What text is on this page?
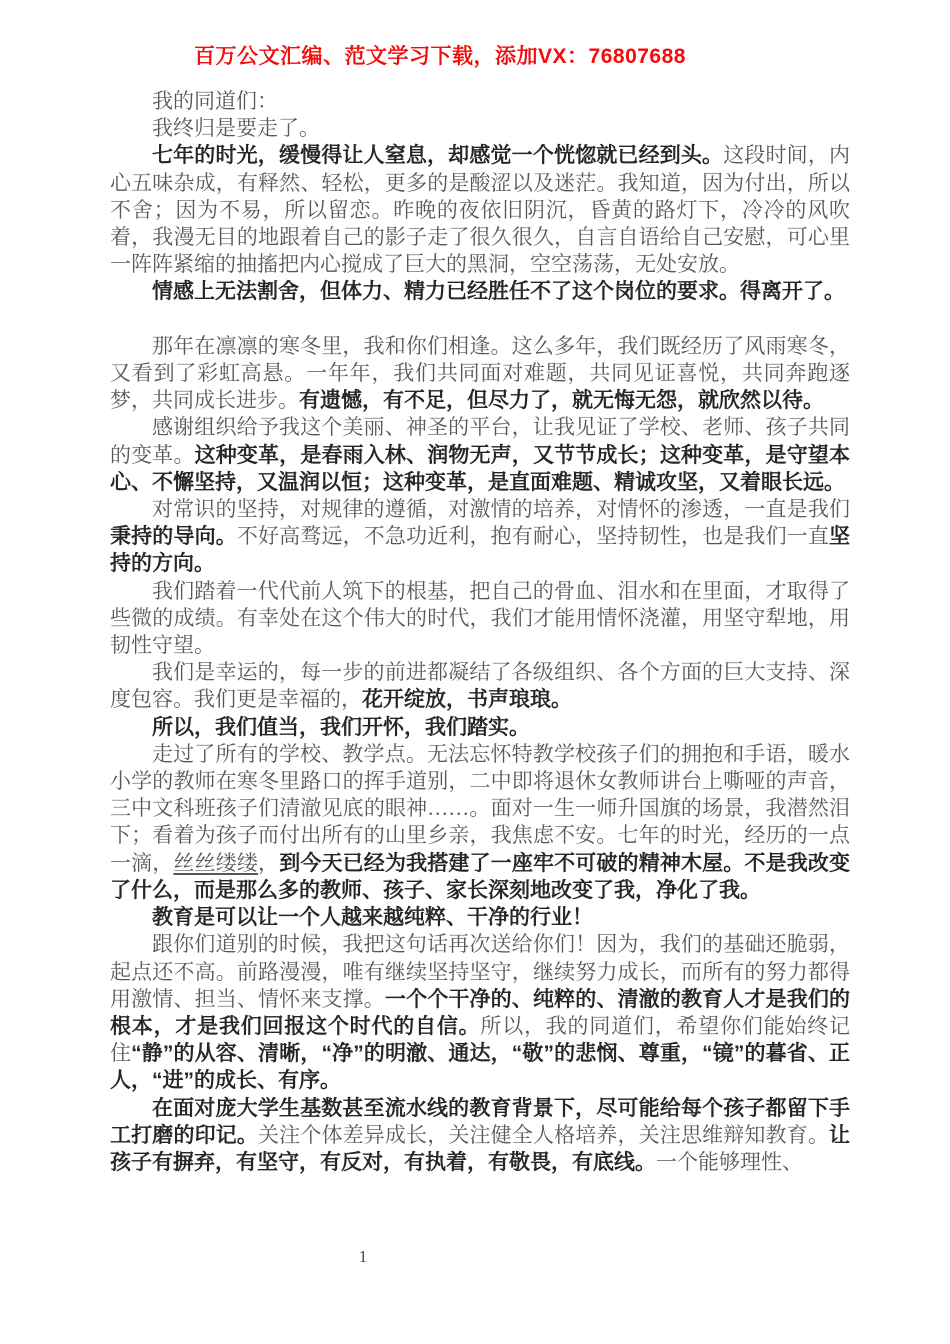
百万公文汇编、范文学习下载，添加VX：76807688

我的同道们：

我终归是要走了。

七年的时光，缓慢得让人窒息，却感觉一个恍惚就已经到头。这段时间，内心五味杂成，有释然、轻松，更多的是酸涩以及迷茫。我知道，因为付出，所以不舍；因为不易，所以留恋。昨晚的夜依旧阴沉，昏黄的路灯下，冷冷的风吹着，我漫无目的地跟着自己的影子走了很久很久，自言自语给自己安慰，可心里一阵阵紧缩的抽搐把内心搅成了巨大的黑洞，空空荡荡，无处安放。

情感上无法割舍，但体力、精力已经胜任不了这个岗位的要求。得离开了。

那年在凛凛的寒冬里，我和你们相逢。这么多年，我们既经历了风雨寒冬，又看到了彩虹高悬。一年年，我们共同面对难题，共同见证喜悦，共同奔跑逐梦，共同成长进步。有遗憾，有不足，但尽力了，就无悔无怨，就欣然以待。

感谢组织给予我这个美丽、神圣的平台，让我见证了学校、老师、孩子共同的变革。这种变革，是春雨入林、润物无声，又节节成长；这种变革，是守望本心、不懈坚持，又温润以恒；这种变革，是直面难题、精诚攻坚，又着眼长远。

对常识的坚持，对规律的遵循，对激情的培养，对情怀的渗透，一直是我们秉持的导向。不好高骛远，不急功近利，抱有耐心，坚持韧性，也是我们一直坚持的方向。

我们踏着一代代前人筑下的根基，把自己的骨血、泪水和在里面，才取得了些微的成绩。有幸处在这个伟大的时代，我们才能用情怀浇灌，用坚守犁地，用韧性守望。

我们是幸运的，每一步的前进都凝结了各级组织、各个方面的巨大支持、深度包容。我们更是幸福的，花开绽放，书声琅琅。

所以，我们值当，我们开怀，我们踏实。

走过了所有的学校、教学点。无法忘怀特教学校孩子们的拥抱和手语，暖水小学的教师在寒冬里路口的挥手道别，二中即将退休女教师讲台上嘶哑的声音，三中文科班孩子们清澈见底的眼神……。面对一生一师升国旗的场景，我潜然泪下；看着为孩子而付出所有的山里乡亲，我焦虑不安。七年的时光，经历的一点一滴，丝丝缕缕，到今天已经为我搭建了一座牢不可破的精神木屋。不是我改变了什么，而是那么多的教师、孩子、家长深刻地改变了我，净化了我。

教育是可以让一个人越来越纯粹、干净的行业！

跟你们道别的时候，我把这句话再次送给你们！因为，我们的基础还脆弱，起点还不高。前路漫漫，唯有继续坚持坚守，继续努力成长，而所有的努力都得用激情、担当、情怀来支撑。一个个干净的、纯粹的、清澈的教育人才是我们的根本，才是我们回报这个时代的自信。所以，我的同道们，希望你们能始终记住“静”的从容、清晰，“净”的明澈、通达，“敬”的悲悯、尊重，“镜”的暮省、正人，“进”的成长、有序。

在面对庞大学生基数甚至流水线的教育背景下，尽可能给每个孩子都留下手工打磨的印记。关注个体差异成长，关注健全人格培养，关注思维辩知教育。让孩子有摒弃，有坚守，有反对，有执着，有敬畏，有底线。一个能够理性、

1
